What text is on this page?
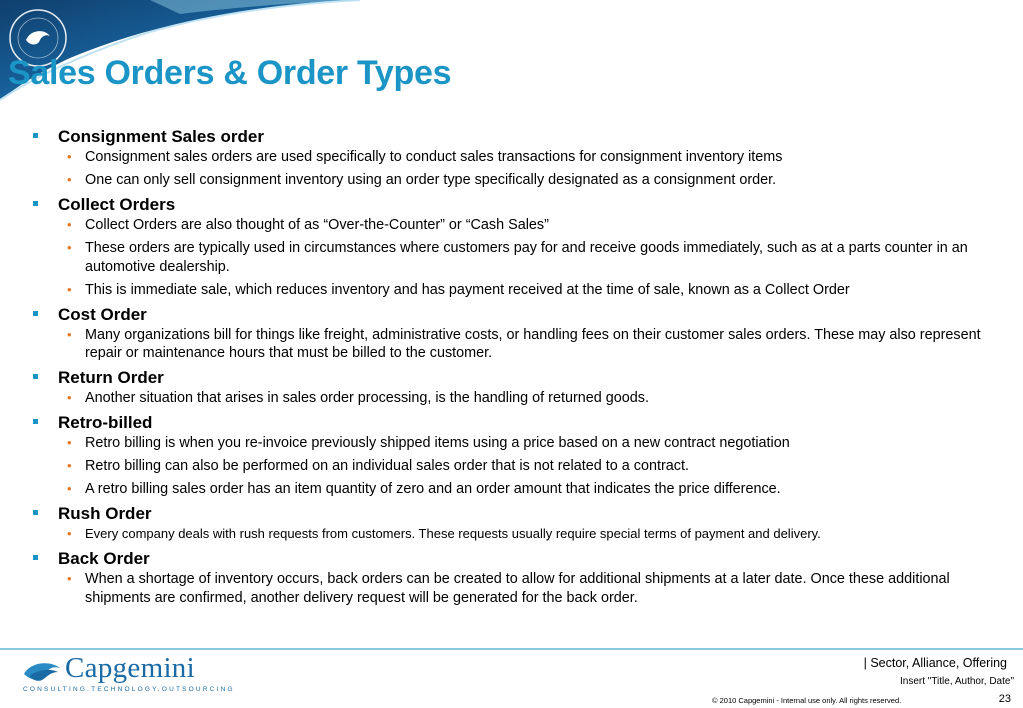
Sales Orders & Order Types
Consignment Sales order
• Consignment sales orders are used specifically to conduct sales transactions for consignment inventory items
• One can only sell consignment inventory using an order type specifically designated as a consignment order.
Collect Orders
• Collect Orders are also thought of as “Over-the-Counter” or “Cash Sales”
• These orders are typically used in circumstances where customers pay for and receive goods immediately, such as at a parts counter in an automotive dealership.
• This is immediate sale, which reduces inventory and has payment received at the time of sale, known as a Collect Order
Cost Order
• Many organizations bill for things like freight, administrative costs, or handling fees on their customer sales orders. These may also represent repair or maintenance hours that must be billed to the customer.
Return Order
• Another situation that arises in sales order processing, is the handling of returned goods.
Retro-billed
• Retro billing is when you re-invoice previously shipped items using a price based on a new contract negotiation
• Retro billing can also be performed on an individual sales order that is not related to a contract.
• A retro billing sales order has an item quantity of zero and an order amount that indicates the price difference.
Rush Order
• Every company deals with rush requests from customers. These requests usually require special terms of payment and delivery.
Back Order
• When a shortage of inventory occurs, back orders can be created to allow for additional shipments at a later date. Once these additional shipments are confirmed, another delivery request will be generated for the back order.
Capgemini
CONSULTING.TECHNOLOGY.OUTSOURCING
| Sector, Alliance, Offering
Insert "Title, Author, Date"
© 2010 Capgemini - Internal use only. All rights reserved.	23
